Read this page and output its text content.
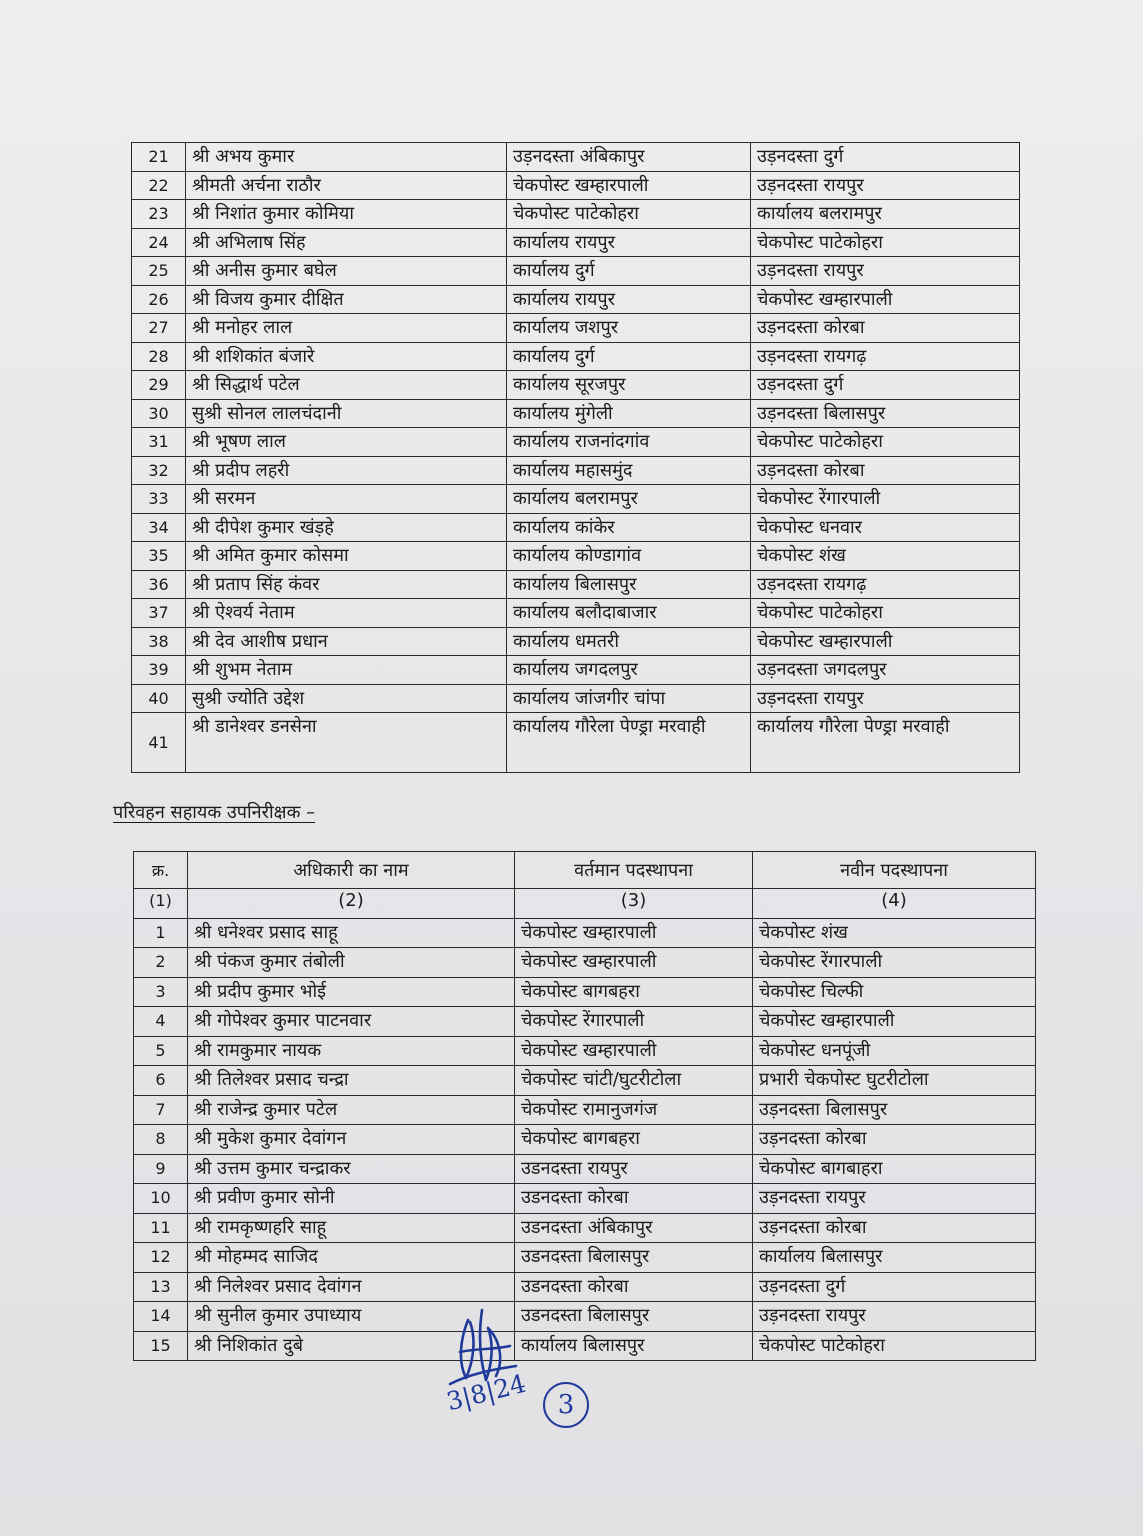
21	श्री अभय कुमार	उड़नदस्ता अंबिकापुर	उड़नदस्ता दुर्ग
22	श्रीमती अर्चना राठौर	चेकपोस्ट खम्हारपाली	उड़नदस्ता रायपुर
23	श्री निशांत कुमार कोमिया	चेकपोस्ट पाटेकोहरा	कार्यालय बलरामपुर
24	श्री अभिलाष सिंह	कार्यालय रायपुर	चेकपोस्ट पाटेकोहरा
25	श्री अनीस कुमार बघेल	कार्यालय दुर्ग	उड़नदस्ता रायपुर
26	श्री विजय कुमार दीक्षित	कार्यालय रायपुर	चेकपोस्ट खम्हारपाली
27	श्री मनोहर लाल	कार्यालय जशपुर	उड़नदस्ता कोरबा
28	श्री शशिकांत बंजारे	कार्यालय दुर्ग	उड़नदस्ता रायगढ़
29	श्री सिद्धार्थ पटेल	कार्यालय सूरजपुर	उड़नदस्ता दुर्ग
30	सुश्री सोनल लालचंदानी	कार्यालय मुंगेली	उड़नदस्ता बिलासपुर
31	श्री भूषण लाल	कार्यालय राजनांदगांव	चेकपोस्ट पाटेकोहरा
32	श्री प्रदीप लहरी	कार्यालय महासमुंद	उड़नदस्ता कोरबा
33	श्री सरमन	कार्यालय बलरामपुर	चेकपोस्ट रेंगारपाली
34	श्री दीपेश कुमार खंड़हे	कार्यालय कांकेर	चेकपोस्ट धनवार
35	श्री अमित कुमार कोसमा	कार्यालय कोण्डागांव	चेकपोस्ट शंख
36	श्री प्रताप सिंह कंवर	कार्यालय बिलासपुर	उड़नदस्ता रायगढ़
37	श्री ऐश्वर्य नेताम	कार्यालय बलौदाबाजार	चेकपोस्ट पाटेकोहरा
38	श्री देव आशीष प्रधान	कार्यालय धमतरी	चेकपोस्ट खम्हारपाली
39	श्री शुभम नेताम	कार्यालय जगदलपुर	उड़नदस्ता जगदलपुर
40	सुश्री ज्योति उद्देश	कार्यालय जांजगीर चांपा	उड़नदस्ता रायपुर
41	श्री डानेश्वर डनसेना	कार्यालय गौरेला पेण्ड्रा मरवाही	कार्यालय गौरेला पेण्ड्रा मरवाही
परिवहन सहायक उपनिरीक्षक –
क्र.	अधिकारी का नाम	वर्तमान पदस्थापना	नवीन पदस्थापना
(1)	(2)	(3)	(4)
1	श्री धनेश्वर प्रसाद साहू	चेकपोस्ट खम्हारपाली	चेकपोस्ट शंख
2	श्री पंकज कुमार तंबोली	चेकपोस्ट खम्हारपाली	चेकपोस्ट रेंगारपाली
3	श्री प्रदीप कुमार भोई	चेकपोस्ट बागबहरा	चेकपोस्ट चिल्फी
4	श्री गोपेश्वर कुमार पाटनवार	चेकपोस्ट रेंगारपाली	चेकपोस्ट खम्हारपाली
5	श्री रामकुमार नायक	चेकपोस्ट खम्हारपाली	चेकपोस्ट धनपूंजी
6	श्री तिलेश्वर प्रसाद चन्द्रा	चेकपोस्ट चांटी/घुटरीटोला	प्रभारी चेकपोस्ट घुटरीटोला
7	श्री राजेन्द्र कुमार पटेल	चेकपोस्ट रामानुजगंज	उड़नदस्ता बिलासपुर
8	श्री मुकेश कुमार देवांगन	चेकपोस्ट बागबहरा	उड़नदस्ता कोरबा
9	श्री उत्तम कुमार चन्द्राकर	उडनदस्ता रायपुर	चेकपोस्ट बागबाहरा
10	श्री प्रवीण कुमार सोनी	उडनदस्ता कोरबा	उड़नदस्ता रायपुर
11	श्री रामकृष्णहरि साहू	उडनदस्ता अंबिकापुर	उड़नदस्ता कोरबा
12	श्री मोहम्मद साजिद	उडनदस्ता बिलासपुर	कार्यालय बिलासपुर
13	श्री निलेश्वर प्रसाद देवांगन	उडनदस्ता कोरबा	उड़नदस्ता दुर्ग
14	श्री सुनील कुमार उपाध्याय	उडनदस्ता बिलासपुर	उड़नदस्ता रायपुर
15	श्री निशिकांत दुबे	कार्यालय बिलासपुर	चेकपोस्ट पाटेकोहरा
3|8|24	3
